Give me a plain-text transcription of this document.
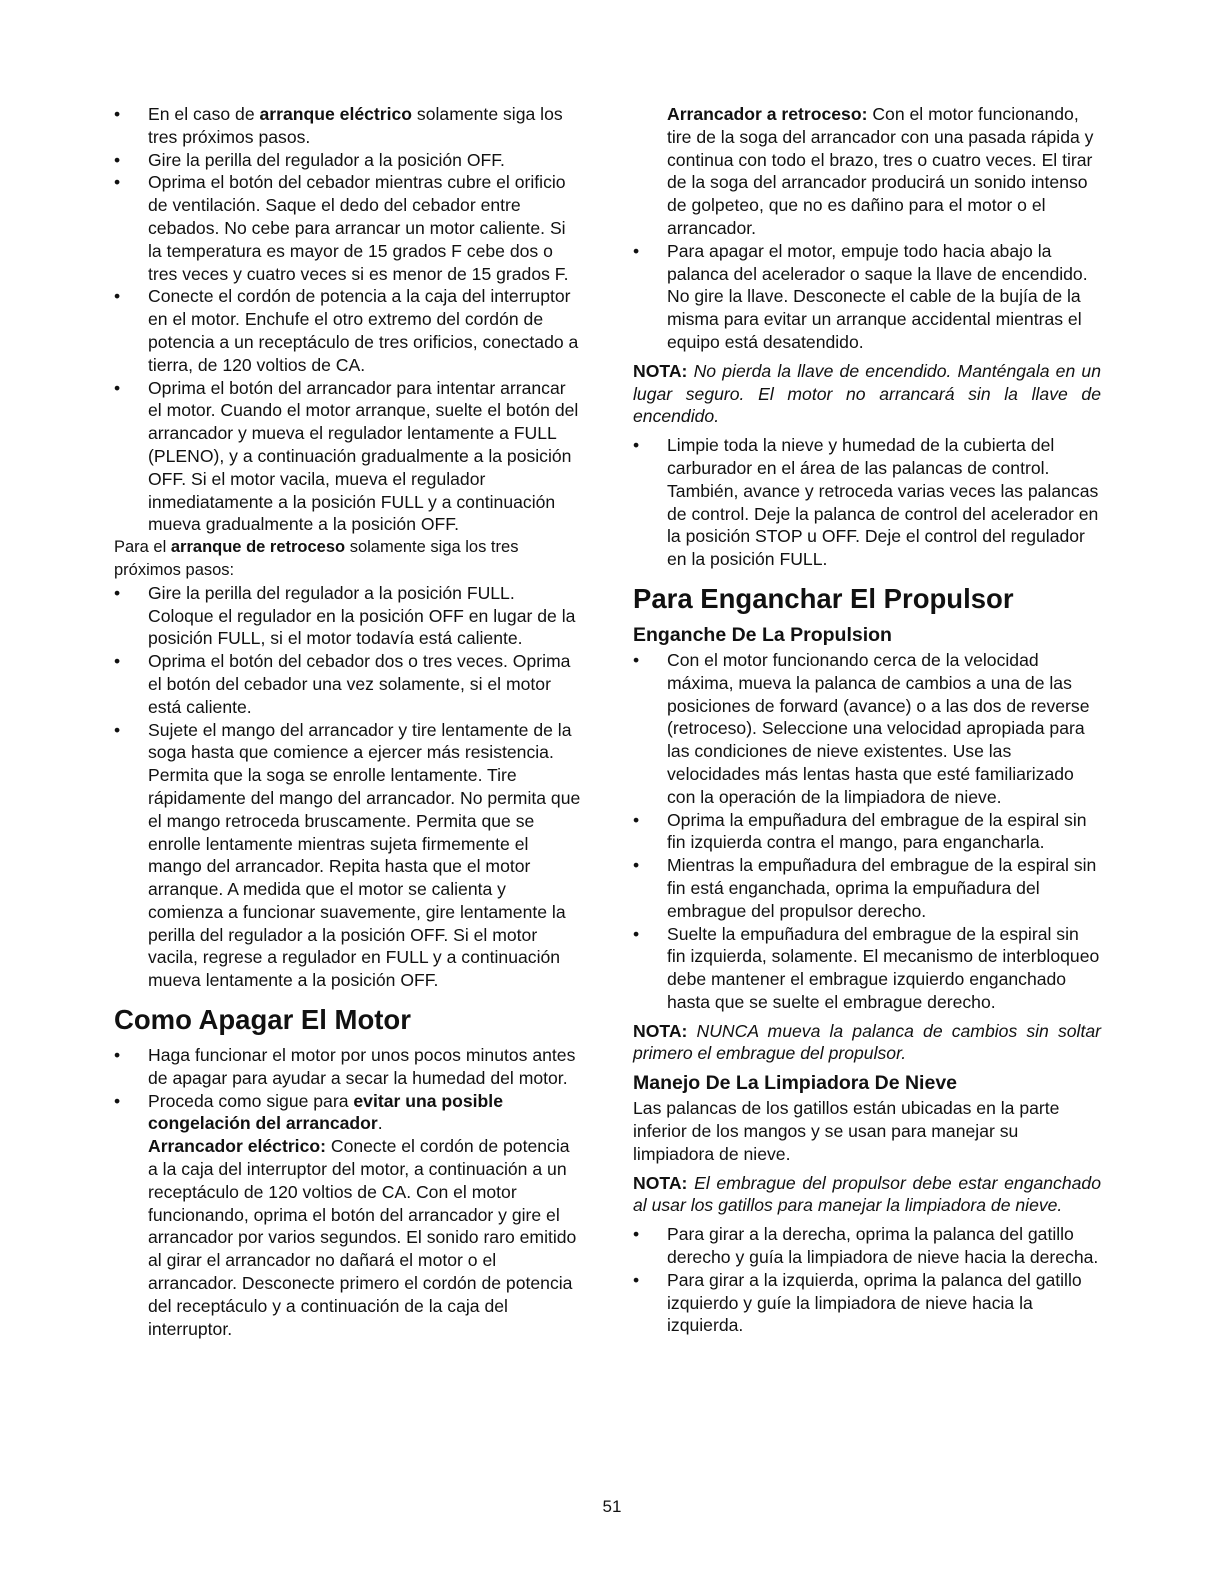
• En el caso de arranque eléctrico solamente siga los tres próximos pasos.
• Gire la perilla del regulador a la posición OFF.
• Oprima el botón del cebador mientras cubre el orificio de ventilación. Saque el dedo del cebador entre cebados. No cebe para arrancar un motor caliente. Si la temperatura es mayor de 15 grados F cebe dos o tres veces y cuatro veces si es menor de 15 grados F.
• Conecte el cordón de potencia a la caja del interruptor en el motor. Enchufe el otro extremo del cordón de potencia a un receptáculo de tres orificios, conectado a tierra, de 120 voltios de CA.
• Oprima el botón del arrancador para intentar arrancar el motor. Cuando el motor arranque, suelte el botón del arrancador y mueva el regulador lentamente a FULL (PLENO), y a continuación gradualmente a la posición OFF. Si el motor vacila, mueva el regulador inmediatamente a la posición FULL y a continuación mueva gradualmente a la posición OFF.

Para el arranque de retroceso solamente siga los tres próximos pasos:

• Gire la perilla del regulador a la posición FULL. Coloque el regulador en la posición OFF en lugar de la posición FULL, si el motor todavía está caliente.
• Oprima el botón del cebador dos o tres veces. Oprima el botón del cebador una vez solamente, si el motor está caliente.
• Sujete el mango del arrancador y tire lentamente de la soga hasta que comience a ejercer más resistencia. Permita que la soga se enrolle lentamente. Tire rápidamente del mango del arrancador. No permita que el mango retroceda bruscamente. Permita que se enrolle lentamente mientras sujeta firmemente el mango del arrancador. Repita hasta que el motor arranque. A medida que el motor se calienta y comienza a funcionar suavemente, gire lentamente la perilla del regulador a la posición OFF. Si el motor vacila, regrese a regulador en FULL y a continuación mueva lentamente a la posición OFF.
Como Apagar El Motor
• Haga funcionar el motor por unos pocos minutos antes de apagar para ayudar a secar la humedad del motor.
• Proceda como sigue para evitar una posible congelación del arrancador.
Arrancador eléctrico: Conecte el cordón de potencia a la caja del interruptor del motor, a continuación a un receptáculo de 120 voltios de CA. Con el motor funcionando, oprima el botón del arrancador y gire el arrancador por varios segundos. El sonido raro emitido al girar el arrancador no dañará el motor o el arrancador. Desconecte primero el cordón de potencia del receptáculo y a continuación de la caja del interruptor.

Arrancador a retroceso: Con el motor funcionando, tire de la soga del arrancador con una pasada rápida y continua con todo el brazo, tres o cuatro veces. El tirar de la soga del arrancador producirá un sonido intenso de golpeteo, que no es dañino para el motor o el arrancador.

• Para apagar el motor, empuje todo hacia abajo la palanca del acelerador o saque la llave de encendido. No gire la llave. Desconecte el cable de la bujía de la misma para evitar un arranque accidental mientras el equipo está desatendido.

NOTA: No pierda la llave de encendido. Manténgala en un lugar seguro. El motor no arrancará sin la llave de encendido.

• Limpie toda la nieve y humedad de la cubierta del carburador en el área de las palancas de control. También, avance y retroceda varias veces las palancas de control. Deje la palanca de control del acelerador en la posición STOP u OFF. Deje el control del regulador en la posición FULL.
Para Enganchar El Propulsor
Enganche De La Propulsion
• Con el motor funcionando cerca de la velocidad máxima, mueva la palanca de cambios a una de las posiciones de forward (avance) o a las dos de reverse (retroceso). Seleccione una velocidad apropiada para las condiciones de nieve existentes. Use las velocidades más lentas hasta que esté familiarizado con la operación de la limpiadora de nieve.
• Oprima la empuñadura del embrague de la espiral sin fin izquierda contra el mango, para engancharla.
• Mientras la empuñadura del embrague de la espiral sin fin está enganchada, oprima la empuñadura del embrague del propulsor derecho.
• Suelte la empuñadura del embrague de la espiral sin fin izquierda, solamente. El mecanismo de interbloqueo debe mantener el embrague izquierdo enganchado hasta que se suelte el embrague derecho.

NOTA: NUNCA mueva la palanca de cambios sin soltar primero el embrague del propulsor.

Manejo De La Limpiadora De Nieve

Las palancas de los gatillos están ubicadas en la parte inferior de los mangos y se usan para manejar su limpiadora de nieve.

NOTA: El embrague del propulsor debe estar enganchado al usar los gatillos para manejar la limpiadora de nieve.

• Para girar a la derecha, oprima la palanca del gatillo derecho y guía la limpiadora de nieve hacia la derecha.
• Para girar a la izquierda, oprima la palanca del gatillo izquierdo y guíe la limpiadora de nieve hacia la izquierda.
51
